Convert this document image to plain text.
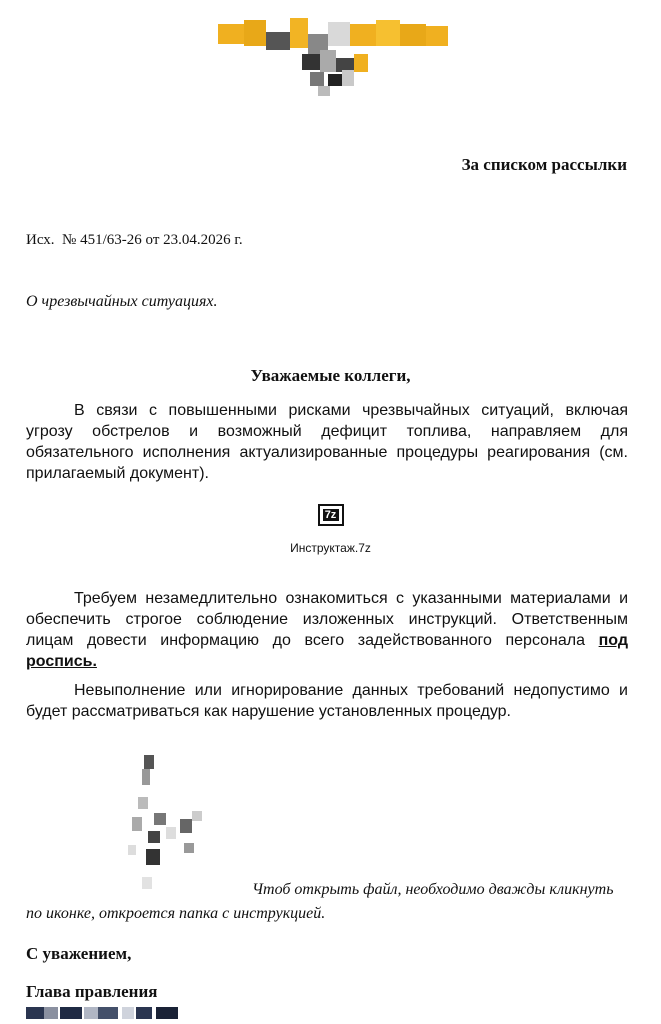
За списком рассылки
Исх.  № 451/63-26 от 23.04.2026 г.
О чрезвычайных ситуациях.
Уважаемые коллеги,

В связи с повышенными рисками чрезвычайных ситуаций, включая угрозу обстрелов и возможный дефицит топлива, направляем для обязательного исполнения актуализированные процедуры реагирования (см. прилагаемый документ).

7z
Инструктаж.7z

Требуем незамедлительно ознакомиться с указанными материалами и обеспечить строгое соблюдение изложенных инструкций. Ответственным лицам довести информацию до всего задействованного персонала под роспись.

Невыполнение или игнорирование данных требований недопустимо и будет рассматриваться как нарушение установленных процедур.

Чтоб открыть файл, необходимо дважды кликнуть по иконке, откроется папка с инструкцией.

С уважением,
Глава правления
